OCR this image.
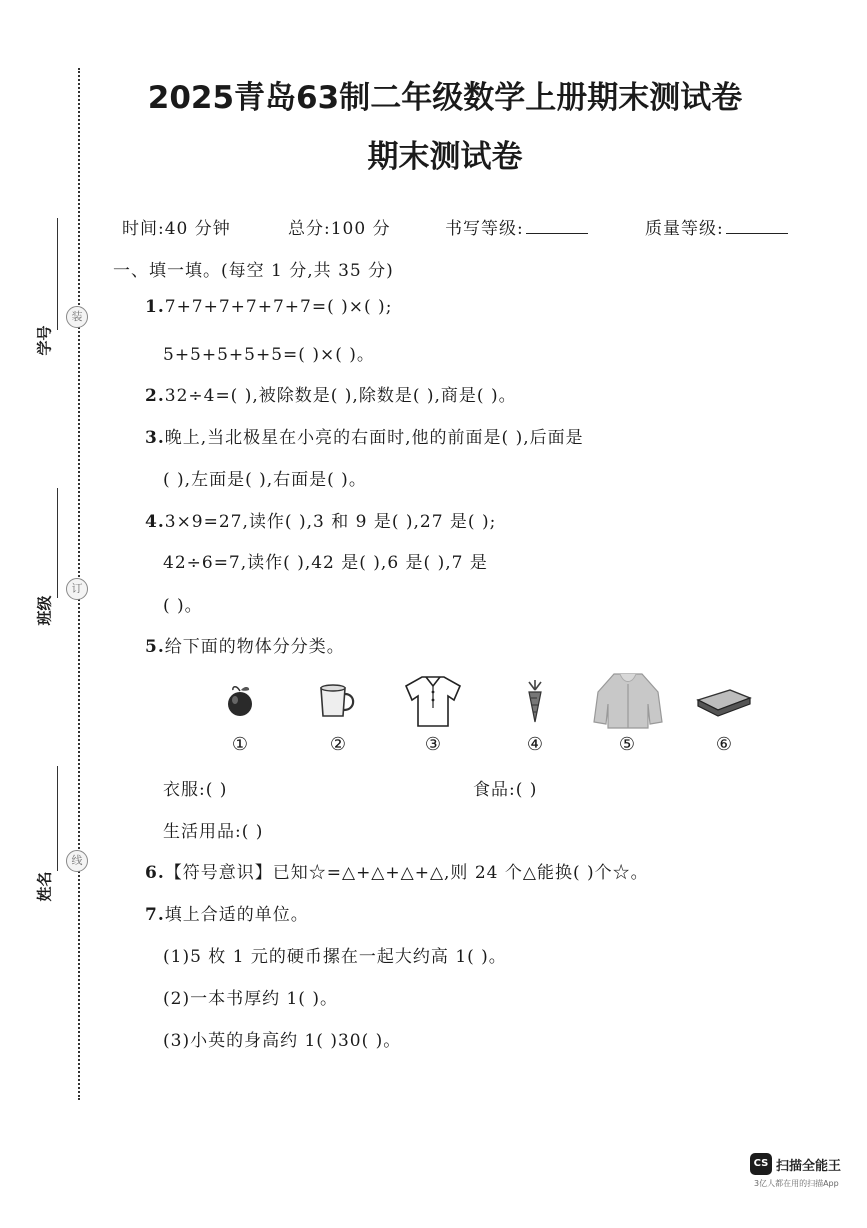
学号
装
班级
订
姓名
线
2025青岛63制二年级数学上册期末测试卷
期末测试卷
时间:40 分钟	总分:100 分	书写等级:	质量等级:
一、填一填。(每空 1 分,共 35 分)
1.7+7+7+7+7+7=( )×( );
5+5+5+5+5=( )×( )。
2.32÷4=( ),被除数是( ),除数是( ),商是( )。
3.晚上,当北极星在小亮的右面时,他的前面是( ),后面是
( ),左面是( ),右面是( )。
4.3×9=27,读作( ),3 和 9 是( ),27 是( );
42÷6=7,读作( ),42 是( ),6 是( ),7 是
( )。
5.给下面的物体分分类。
①	②	③	④	⑤	⑥
衣服:( )	食品:( )
生活用品:( )
6.【符号意识】已知☆=△+△+△+△,则 24 个△能换( )个☆。
7.填上合适的单位。
(1)5 枚 1 元的硬币摞在一起大约高 1( )。
(2)一本书厚约 1( )。
(3)小英的身高约 1( )30( )。
CS 扫描全能王
3亿人都在用的扫描App
